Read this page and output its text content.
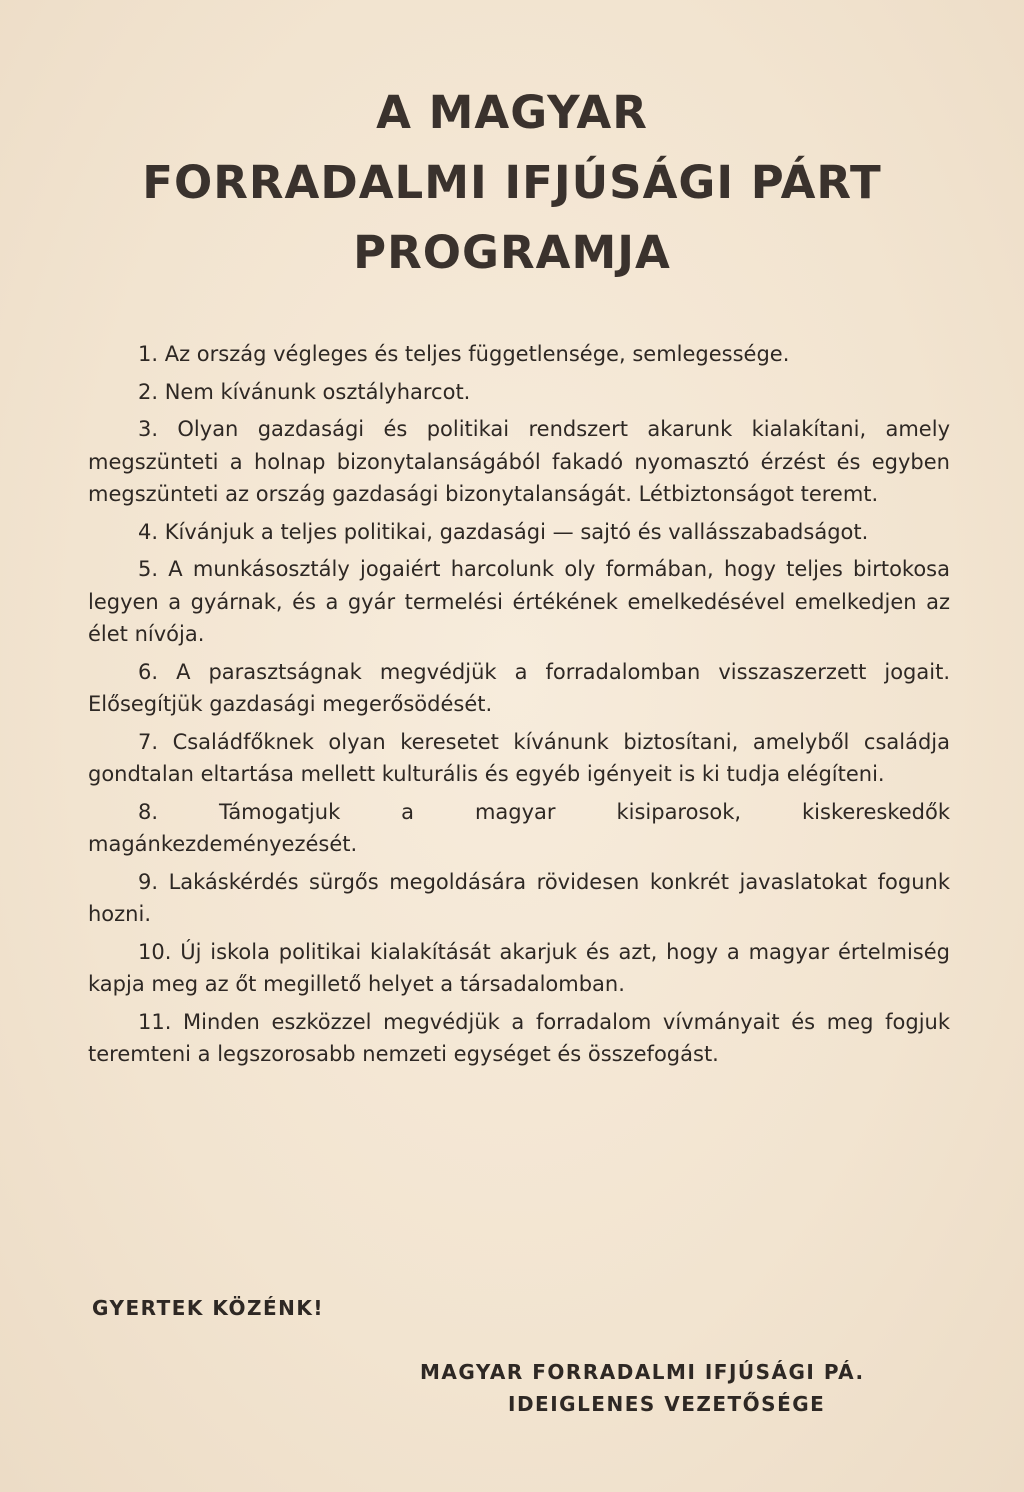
A MAGYAR
FORRADALMI IFJÚSÁGI PÁRT
PROGRAMJA
1. Az ország végleges és teljes függetlensége, semlegessége.
2. Nem kívánunk osztályharcot.
3. Olyan gazdasági és politikai rendszert akarunk kialakítani, amely megszünteti a holnap bizonytalanságából fakadó nyomasztó érzést és egyben megszünteti az ország gazdasági bizonytalanságát. Létbiztonságot teremt.
4. Kívánjuk a teljes politikai, gazdasági — sajtó és vallásszabadságot.
5. A munkásosztály jogaiért harcolunk oly formában, hogy teljes birtokosa legyen a gyárnak, és a gyár termelési értékének emelkedésével emelkedjen az élet nívója.
6. A parasztságnak megvédjük a forradalomban visszaszerzett jogait. Elősegítjük gazdasági megerősödését.
7. Családfőknek olyan keresetet kívánunk biztosítani, amelyből családja gondtalan eltartása mellett kulturális és egyéb igényeit is ki tudja elégíteni.
8. Támogatjuk a magyar kisiparosok, kiskereskedők magánkezdeményezését.
9. Lakáskérdés sürgős megoldására rövidesen konkrét javaslatokat fogunk hozni.
10. Új iskola politikai kialakítását akarjuk és azt, hogy a magyar értelmiség kapja meg az őt megillető helyet a társadalomban.
11. Minden eszközzel megvédjük a forradalom vívmányait és meg fogjuk teremteni a legszorosabb nemzeti egységet és összefogást.

GYERTEK KÖZÉNK!

MAGYAR FORRADALMI IFJÚSÁGI PÁ.
IDEIGLENES VEZETŐSÉGE
